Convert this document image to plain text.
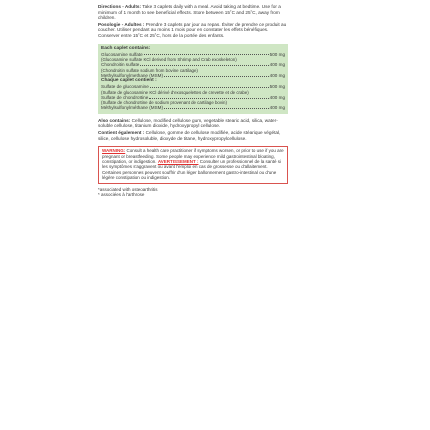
Directions - Adults: Take 3 caplets daily with a meal. Avoid taking at bedtime. Use for a minimum of 1 month to see beneficial effects. Store between 15˚C and 25˚C, away from children.

Posologie - Adultes : Prendre 3 caplets par jour au repas. Éviter de prendre ce produit au coucher. Utiliser pendant au moins 1 mois pour en constater les effets bénéfiques. Conserver entre 15˚C et 25˚C, hors de la portée des enfants.

Each caplet contains:
Glucosamine sulfate	500 mg
(Glucosamine sulfate KCl derived from Shrimp and Crab exoskeleton)
Chondroitin sulfate	400 mg
(Chondroitin sulfate sodium from bovine cartilage)
Methylsulfonylmethane (MSM)	400 mg
Chaque caplet contient :
Sulfate de glucosamine	500 mg
(Sulfate de glucosamine KCl dérivé d'exosquelettes de crevette et de crabe)
Sulfate de chondroïtine	400 mg
(Sulfate de chondroïtine de sodium provenant de cartilage bovin)
Méthylsulfonylméthane (MSM)	400 mg

Also contains: Cellulose, modified cellulose gum, vegetable stearic acid, silica, water-soluble cellulose, titanium dioxide, hydroxypropyl cellulose.

Contient également : Cellulose, gomme de cellulose modifiée, acide stéarique végétal, silice, cellulose hydrosoluble, dioxyde de titane, hydroxypropylcellulose.

WARNING: Consult a health care practitioner if symptoms worsen, or prior to use if you are pregnant or breastfeeding. Some people may experience mild gastrointestinal bloating, constipation, or indigestion. AVERTISSEMENT : Consulter un professionnel de la santé si les symptômes s'aggravent ou avant l'emploi en cas de grossesse ou d'allaitement. Certaines personnes peuvent souffrir d'un léger ballonnement gastro-intestinal ou d'une légère constipation ou indigestion.
*associated with osteoarthritis
* associées à l'arthrose
